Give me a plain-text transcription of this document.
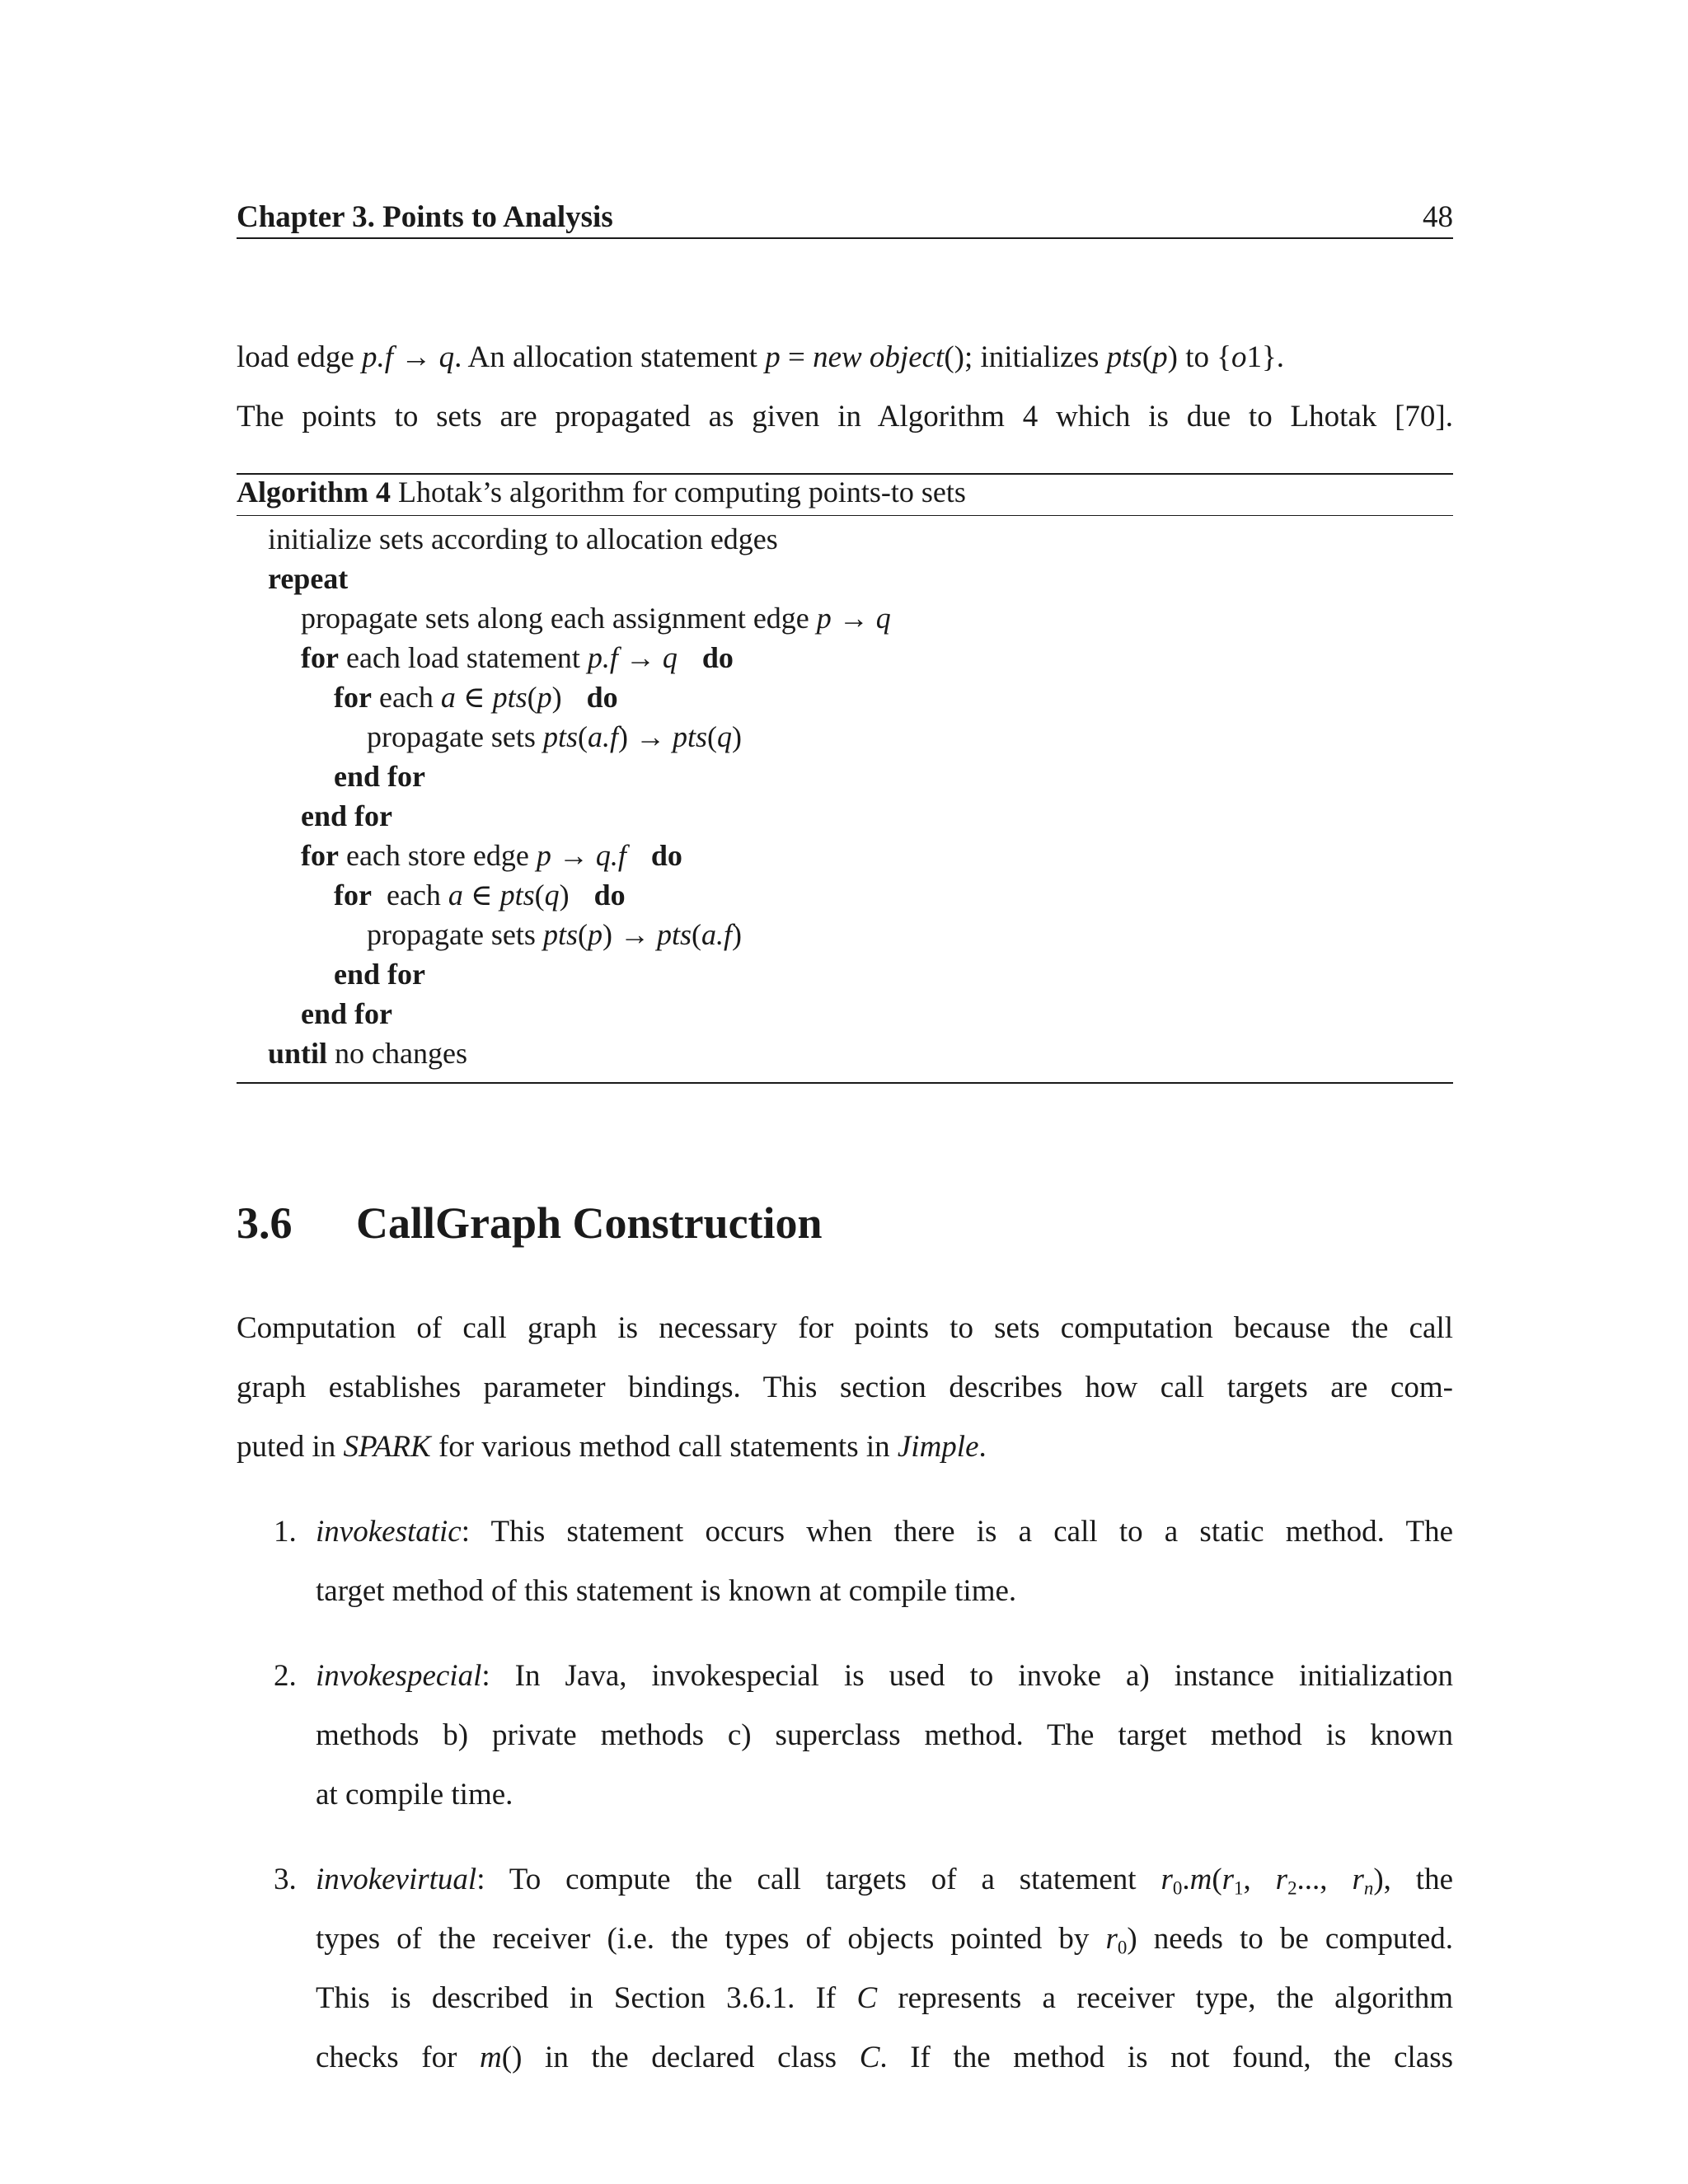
Chapter 3. Points to Analysis	48
load edge p.f → q. An allocation statement p = new object(); initializes pts(p) to {o1}.
The points to sets are propagated as given in Algorithm 4 which is due to Lhotak [70].
Algorithm 4 Lhotak’s algorithm for computing points-to sets
initialize sets according to allocation edges
repeat
propagate sets along each assignment edge p → q
for each load statement p.f → q do
for each a ∈ pts(p) do
propagate sets pts(a.f) → pts(q)
end for
end for
for each store edge p → q.f do
for  each a ∈ pts(q) do
propagate sets pts(p) → pts(a.f)
end for
end for
until no changes
3.6 CallGraph Construction
Computation of call graph is necessary for points to sets computation because the call
graph establishes parameter bindings. This section describes how call targets are com-
puted in SPARK for various method call statements in Jimple.
1. invokestatic: This statement occurs when there is a call to a static method. The
target method of this statement is known at compile time.
2. invokespecial: In Java, invokespecial is used to invoke a) instance initialization
methods b) private methods c) superclass method. The target method is known
at compile time.
3. invokevirtual: To compute the call targets of a statement $r_0.m(r_1$, $r_2$..., $r_n$), the
types of the receiver (i.e. the types of objects pointed by $r_0$) needs to be computed.
This is described in Section 3.6.1. If C represents a receiver type, the algorithm
checks for m() in the declared class C. If the method is not found, the class
